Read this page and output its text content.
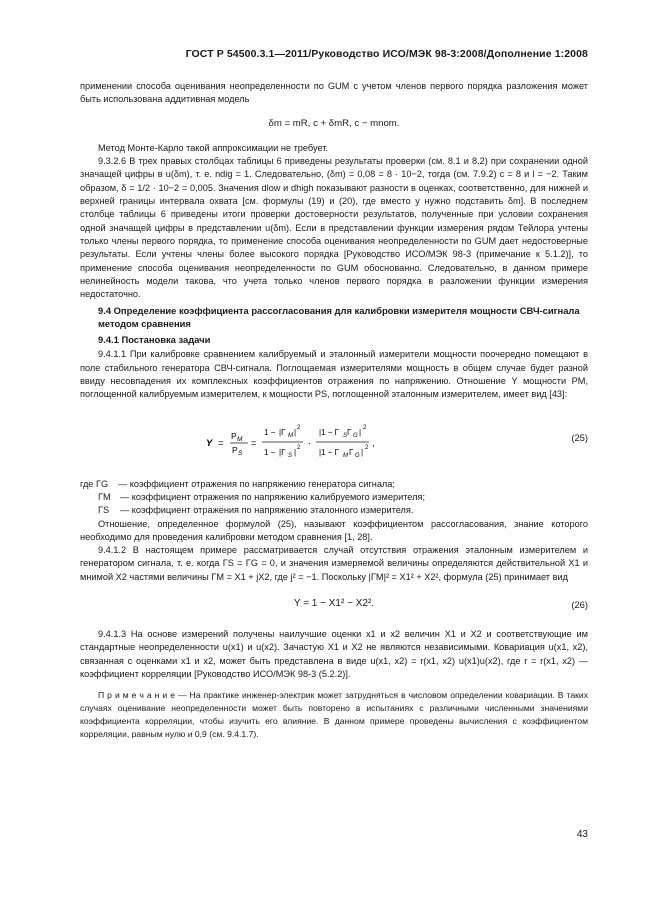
ГОСТ Р 54500.3.1—2011/Руководство ИСО/МЭК 98-3:2008/Дополнение 1:2008

применении способа оценивания неопределенности по GUM с учетом членов первого порядка разложения может быть использована аддитивная модель

δm = mR, c + δmR, c − mnom.

Метод Монте-Карло такой аппроксимации не требует.

9.3.2.6 В трех правых столбцах таблицы 6 приведены результаты проверки (см. 8.1 и 8.2) при сохранении одной значащей цифры в u(δm), т. е. ndig = 1. Следовательно, (δm) = 0,08 = 8 · 10−2, тогда (см. 7.9.2) c = 8 и l = −2. Таким образом, δ = 1/2 · 10−2 = 0,005. Значения dlow и dhigh показывают разности в оценках, соответственно, для нижней и верхней границы интервала охвата [см. формулы (19) и (20), где вместо y нужно подставить δm]. В последнем столбце таблицы 6 приведены итоги проверки достоверности результатов, полученные при условии сохранения одной значащей цифры в представлении u(δm). Если в представлении функции измерения рядом Тейлора учтены только члены первого порядка, то применение способа оценивания неопределенности по GUM дает недостоверные результаты. Если учтены члены более высокого порядка [Руководство ИСО/МЭК 98-3 (примечание к 5.1.2)], то применение способа оценивания неопределенности по GUM обоснованно. Следовательно, в данном примере нелинейность модели такова, что учета только членов первого порядка в разложении функции измерения недостаточно.

9.4 Определение коэффициента рассогласования для калибровки измерителя мощности СВЧ-сигнала методом сравнения
9.4.1 Постановка задачи

9.4.1.1 При калибровке сравнением калибруемый и эталонный измерители мощности поочередно помещают в поле стабильного генератора СВЧ-сигнала. Поглощаемая измерителями мощность в общем случае будет разной ввиду несовпадения их комплексных коэффициентов отражения по напряжению. Отношение Y мощности PM, поглощенной калибруемым измерителем, к мощности PS, поглощенной эталонным измерителем, имеет вид [43]:

Y =
P M
P S
=
1 − |Γ M | 2
1 − |Γ S | 2 ·
|1 − Γ S Γ G | 2
|1 − Γ M Γ G | 2 ,
(25)
где ΓG — коэффициент отражения по напряжению генератора сигнала;
ΓM — коэффициент отражения по напряжению калибруемого измерителя;
ΓS — коэффициент отражения по напряжению эталонного измерителя.

Отношение, определенное формулой (25), называют коэффициентом рассогласования, знание которого необходимо для проведения калибровки методом сравнения [1, 28].

9.4.1.2 В настоящем примере рассматривается случай отсутствия отражения эталонным измерителем и генератором сигнала, т. е. когда ΓS = ΓG = 0, и значения измеряемой величины определяются действительной X1 и мнимой X2 частями величины ΓM = X1 + jX2, где j² = −1. Поскольку |ΓM|² = X1² + X2², формула (25) принимает вид

Y = 1 − X1² − X2².	(26)

9.4.1.3 На основе измерений получены наилучшие оценки x1 и x2 величин X1 и X2 и соответствующие им стандартные неопределенности u(x1) и u(x2). Зачастую X1 и X2 не являются независимыми. Ковариация u(x1, x2), связанная с оценками x1 и x2, может быть представлена в виде u(x1, x2) = r(x1, x2) u(x1)u(x2), где r = r(x1, x2) — коэффициент корреляции [Руководство ИСО/МЭК 98-3 (5.2.2)].

П р и м е ч а н и е — На практике инженер-электрик может затрудняться в числовом определении ковариации. В таких случаях оценивание неопределенности может быть повторено в испытаниях с различными численными значениями коэффициента корреляции, чтобы изучить его влияние. В данном примере проведены вычисления с коэффициентом корреляции, равным нулю и 0,9 (см. 9.4.1.7).

43
